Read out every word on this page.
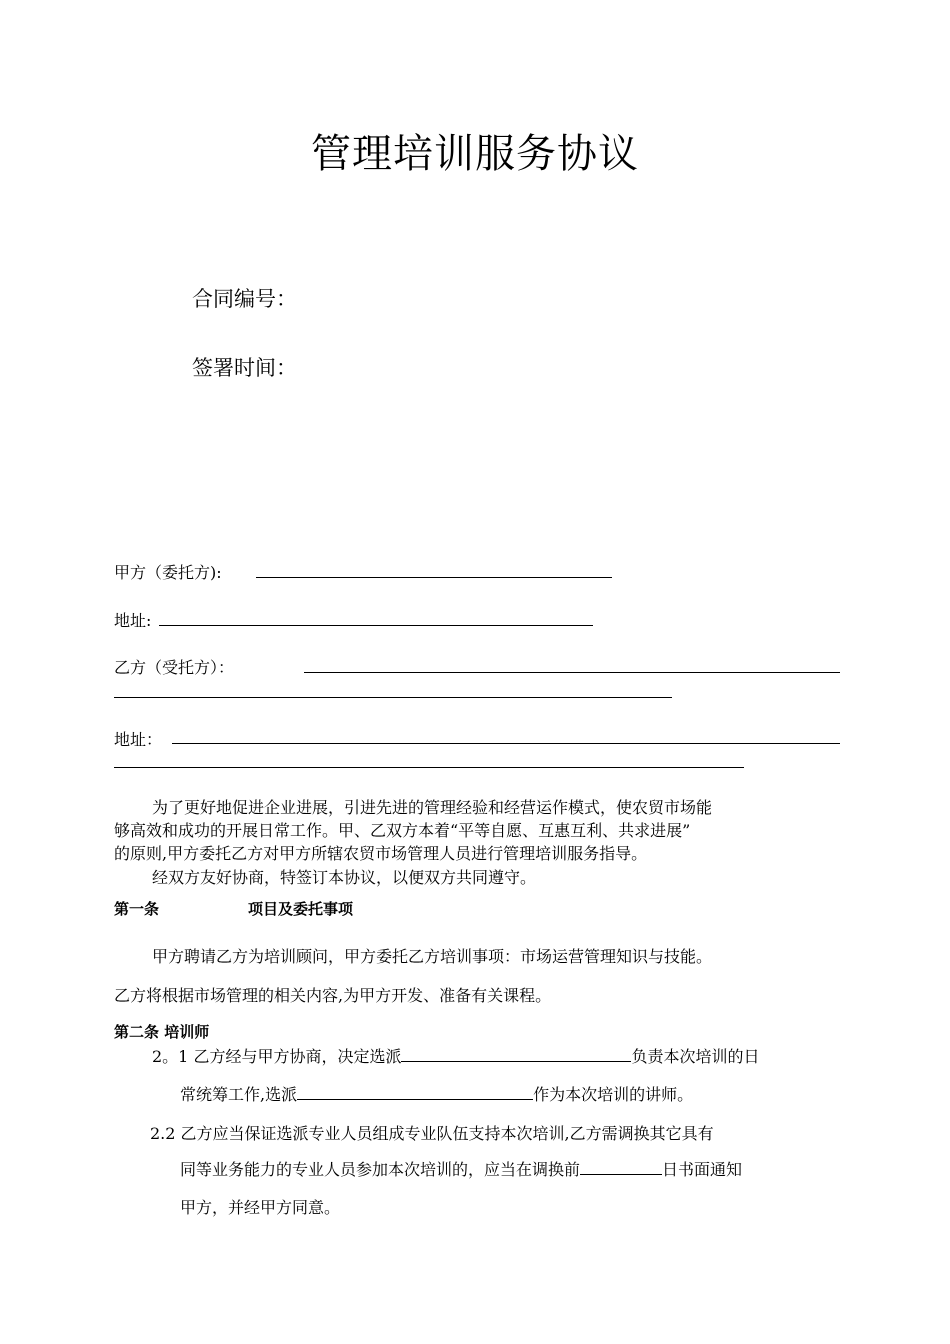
管理培训服务协议
合同编号：
签署时间：
甲方（委托方):
地址:
乙方（受托方）：
地址：
为了更好地促进企业进展，引进先进的管理经验和经营运作模式，使农贸市场能
够高效和成功的开展日常工作。甲、乙双方本着“平等自愿、互惠互利、共求进展”
的原则,甲方委托乙方对甲方所辖农贸市场管理人员进行管理培训服务指导。
经双方友好协商，特签订本协议，以便双方共同遵守。
第一条	项目及委托事项
甲方聘请乙方为培训顾问，甲方委托乙方培训事项：市场运营管理知识与技能。
乙方将根据市场管理的相关内容,为甲方开发、准备有关课程。
第二条 培训师
2。1 乙方经与甲方协商，决定选派	负责本次培训的日
常统筹工作,选派	作为本次培训的讲师。
2.2 乙方应当保证选派专业人员组成专业队伍支持本次培训,乙方需调换其它具有
同等业务能力的专业人员参加本次培训的，应当在调换前	日书面通知
甲方，并经甲方同意。
